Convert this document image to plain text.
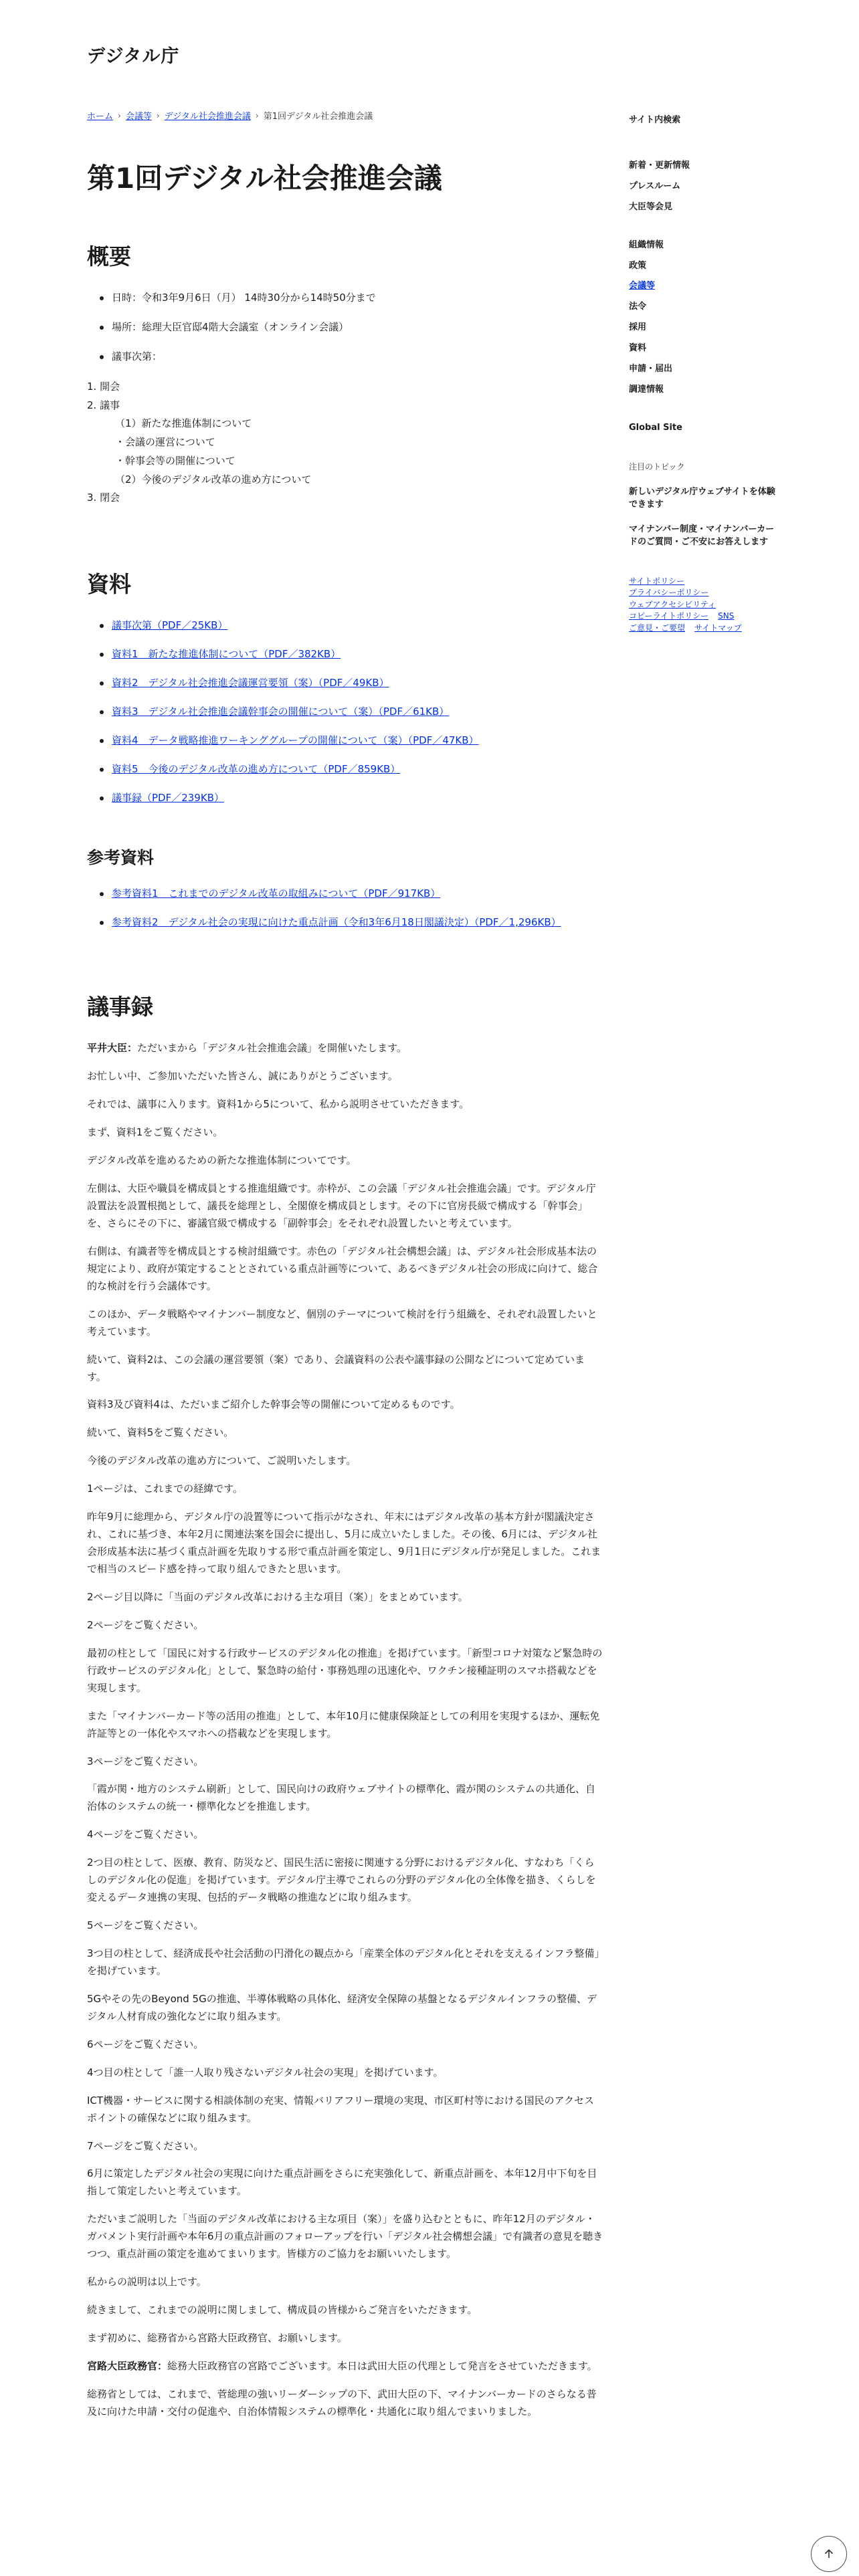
デジタル庁
ホーム › 会議等 › デジタル社会推進会議 › 第1回デジタル社会推進会議
第1回デジタル社会推進会議
概要
日時：令和3年9月6日（月） 14時30分から14時50分まで
場所：総理大臣官邸4階大会議室（オンライン会議）
議事次第：
1. 開会
2. 議事
（1）新たな推進体制について
・会議の運営について
・幹事会等の開催について
（2）今後のデジタル改革の進め方について
3. 閉会
資料
議事次第（PDF／25KB）
資料1　新たな推進体制について（PDF／382KB）
資料2　デジタル社会推進会議運営要領（案）（PDF／49KB）
資料3　デジタル社会推進会議幹事会の開催について（案）（PDF／61KB）
資料4　データ戦略推進ワーキンググループの開催について（案）（PDF／47KB）
資料5　今後のデジタル改革の進め方について（PDF／859KB）
議事録（PDF／239KB）
参考資料
参考資料1　これまでのデジタル改革の取組みについて（PDF／917KB）
参考資料2　デジタル社会の実現に向けた重点計画（令和3年6月18日閣議決定）（PDF／1,296KB）
議事録

平井大臣：ただいまから「デジタル社会推進会議」を開催いたします。

お忙しい中、ご参加いただいた皆さん、誠にありがとうございます。

それでは、議事に入ります。資料1から5について、私から説明させていただきます。

まず、資料1をご覧ください。

デジタル改革を進めるための新たな推進体制についてです。

左側は、大臣や職員を構成員とする推進組織です。赤枠が、この会議「デジタル社会推進会議」です。デジタル庁設置法を設置根拠として、議長を総理とし、全閣僚を構成員とします。その下に官房長級で構成する「幹事会」を、さらにその下に、審議官級で構成する「副幹事会」をそれぞれ設置したいと考えています。

右側は、有識者等を構成員とする検討組織です。赤色の「デジタル社会構想会議」は、デジタル社会形成基本法の規定により、政府が策定することとされている重点計画等について、あるべきデジタル社会の形成に向けて、総合的な検討を行う会議体です。

このほか、データ戦略やマイナンバー制度など、個別のテーマについて検討を行う組織を、それぞれ設置したいと考えています。

続いて、資料2は、この会議の運営要領（案）であり、会議資料の公表や議事録の公開などについて定めています。

資料3及び資料4は、ただいまご紹介した幹事会等の開催について定めるものです。

続いて、資料5をご覧ください。

今後のデジタル改革の進め方について、ご説明いたします。

1ページは、これまでの経緯です。

昨年9月に総理から、デジタル庁の設置等について指示がなされ、年末にはデジタル改革の基本方針が閣議決定され、これに基づき、本年2月に関連法案を国会に提出し、5月に成立いたしました。その後、6月には、デジタル社会形成基本法に基づく重点計画を先取りする形で重点計画を策定し、9月1日にデジタル庁が発足しました。これまで相当のスピード感を持って取り組んできたと思います。

2ページ目以降に「当面のデジタル改革における主な項目（案）」をまとめています。

2ページをご覧ください。

最初の柱として「国民に対する行政サービスのデジタル化の推進」を掲げています。「新型コロナ対策など緊急時の行政サービスのデジタル化」として、緊急時の給付・事務処理の迅速化や、ワクチン接種証明のスマホ搭載などを実現します。

また「マイナンバーカード等の活用の推進」として、本年10月に健康保険証としての利用を実現するほか、運転免許証等との一体化やスマホへの搭載などを実現します。

3ページをご覧ください。

「霞が関・地方のシステム刷新」として、国民向けの政府ウェブサイトの標準化、霞が関のシステムの共通化、自治体のシステムの統一・標準化などを推進します。

4ページをご覧ください。

2つ目の柱として、医療、教育、防災など、国民生活に密接に関連する分野におけるデジタル化、すなわち「くらしのデジタル化の促進」を掲げています。デジタル庁主導でこれらの分野のデジタル化の全体像を描き、くらしを変えるデータ連携の実現、包括的データ戦略の推進などに取り組みます。

5ページをご覧ください。

3つ目の柱として、経済成長や社会活動の円滑化の観点から「産業全体のデジタル化とそれを支えるインフラ整備」を掲げています。

5Gやその先のBeyond 5Gの推進、半導体戦略の具体化、経済安全保障の基盤となるデジタルインフラの整備、デジタル人材育成の強化などに取り組みます。

6ページをご覧ください。

4つ目の柱として「誰一人取り残さないデジタル社会の実現」を掲げています。

ICT機器・サービスに関する相談体制の充実、情報バリアフリー環境の実現、市区町村等における国民のアクセスポイントの確保などに取り組みます。

7ページをご覧ください。

6月に策定したデジタル社会の実現に向けた重点計画をさらに充実強化して、新重点計画を、本年12月中下旬を目指して策定したいと考えています。

ただいまご説明した「当面のデジタル改革における主な項目（案）」を盛り込むとともに、昨年12月のデジタル・ガバメント実行計画や本年6月の重点計画のフォローアップを行い「デジタル社会構想会議」で有識者の意見を聴きつつ、重点計画の策定を進めてまいります。皆様方のご協力をお願いいたします。

私からの説明は以上です。

続きまして、これまでの説明に関しまして、構成員の皆様からご発言をいただきます。

まず初めに、総務省から宮路大臣政務官、お願いします。

宮路大臣政務官：総務大臣政務官の宮路でございます。本日は武田大臣の代理として発言をさせていただきます。

総務省としては、これまで、菅総理の強いリーダーシップの下、武田大臣の下、マイナンバーカードのさらなる普及に向けた申請・交付の促進や、自治体情報システムの標準化・共通化に取り組んでまいりました。

サイト内検索
新着・更新情報
プレスルーム
大臣等会見
組織情報
政策
会議等
法令
採用
資料
申請・届出
調達情報
Global Site
注目のトピック
新しいデジタル庁ウェブサイトを体験できます
マイナンバー制度・マイナンバーカードのご質問・ご不安にお答えします
サイトポリシー
プライバシーポリシー
ウェブアクセシビリティ
コピーライトポリシー SNS
ご意見・ご要望 サイトマップ
